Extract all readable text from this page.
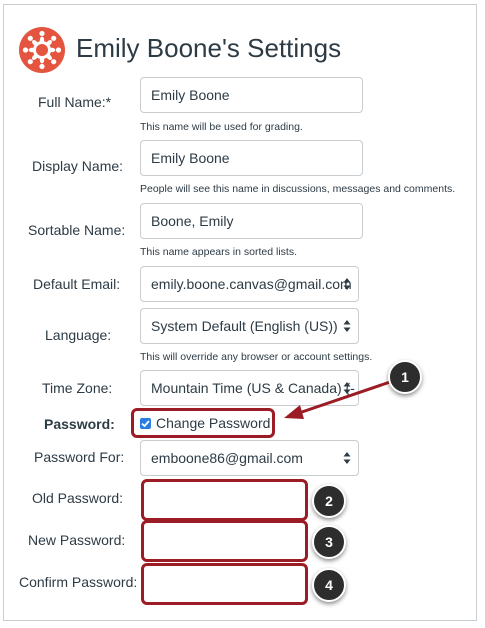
Emily Boone's Settings
Full Name:*	Emily Boone
This name will be used for grading.
Display Name:	Emily Boone
People will see this name in discussions, messages and comments.
Sortable Name:
Boone, Emily
This name appears in sorted lists.
Default Email: emily.boone.canvas@gmail.com
Language:
System Default (English (US))
This will override any browser or account settings.
Time Zone:	Mountain Time (US & Canada) (-
Password:	Change Password
1
Password For: emboone86@gmail.com
Old Password:	2
New Password:	3
Confirm Password:	4
